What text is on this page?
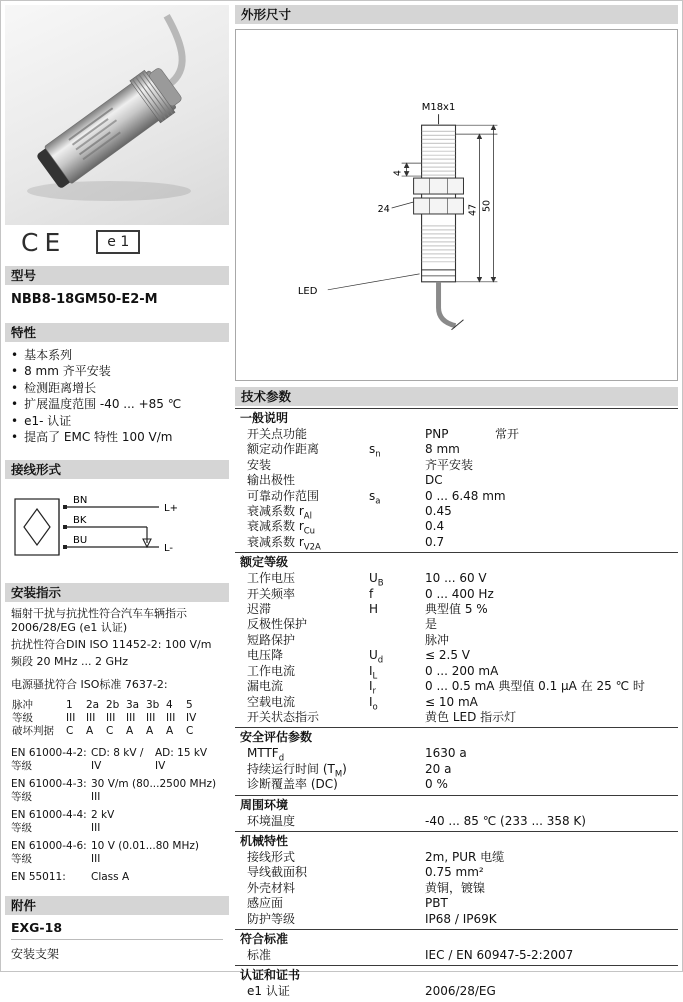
CE	e 1
型号
NBB8-18GM50-E2-M
特性
• 基本系列
• 8 mm 齐平安装
• 检测距离增长
• 扩展温度范围 -40 ... +85 ℃
• e1- 认证
• 提高了 EMC 特性 100 V/m
接线形式
BN
BK
BU
L+
L-
安装指示
辐射干扰与抗扰性符合汽车车辆指示 2006/28/EG (e1 认证)
抗扰性符合DIN ISO 11452-2: 100 V/m
频段 20 MHz ... 2 GHz
电源骚扰符合 ISO标准 7637-2:
脉冲	1	2a	2b	3a	3b	4	5
等级	III	III	III	III	III	III	IV
破坏判据	C	A	C	A	A	A	C
EN 61000-4-2: CD: 8 kV /	AD: 15 kV
等级	IV	IV
EN 61000-4-3: 30 V/m (80...2500 MHz)
等级	III
EN 61000-4-4: 2 kV
等级	III
EN 61000-4-6: 10 V (0.01...80 MHz)
等级	III
EN 55011:	Class A
附件
EXG-18
安装支架
外形尺寸
M18x1
4
24	47 50
LED
技术参数
一般说明
开关点功能	PNP	常开
额定动作距离	$s_n$	8 mm
安装	齐平安装
输出极性	DC
可靠动作范围	$s_a$	0 ... 6.48 mm
衰减系数 $r_{Al}$	0.45
衰减系数 $r_{Cu}$	0.4
衰减系数 $r_{V2A}$	0.7
额定等级
工作电压	$U_B$	10 ... 60 V
开关频率	f	0 ... 400 Hz
迟滞	H	典型值 5 %
反极性保护	是
短路保护	脉冲
电压降	$U_d$	≤ 2.5 V
工作电流	$I_L$	0 ... 200 mA
漏电流	$I_r$	0 ... 0.5 mA 典型值 0.1 μA 在 25 ℃ 时
空载电流	$I_o$	≤ 10 mA
开关状态指示	黄色 LED 指示灯
安全评估参数
$MTTF_d$	1630 a
持续运行时间 $(T_M)$	20 a
诊断覆盖率 (DC)	0 %
周围环境
环境温度	-40 ... 85 ℃ (233 ... 358 K)
机械特性
接线形式	2m, PUR 电缆
导线截面积	0.75 mm²
外壳材料	黄铜，镀镍
感应面	PBT
防护等级	IP68 / IP69K
符合标准
标准	IEC / EN 60947-5-2:2007
认证和证书
e1 认证	2006/28/EG
